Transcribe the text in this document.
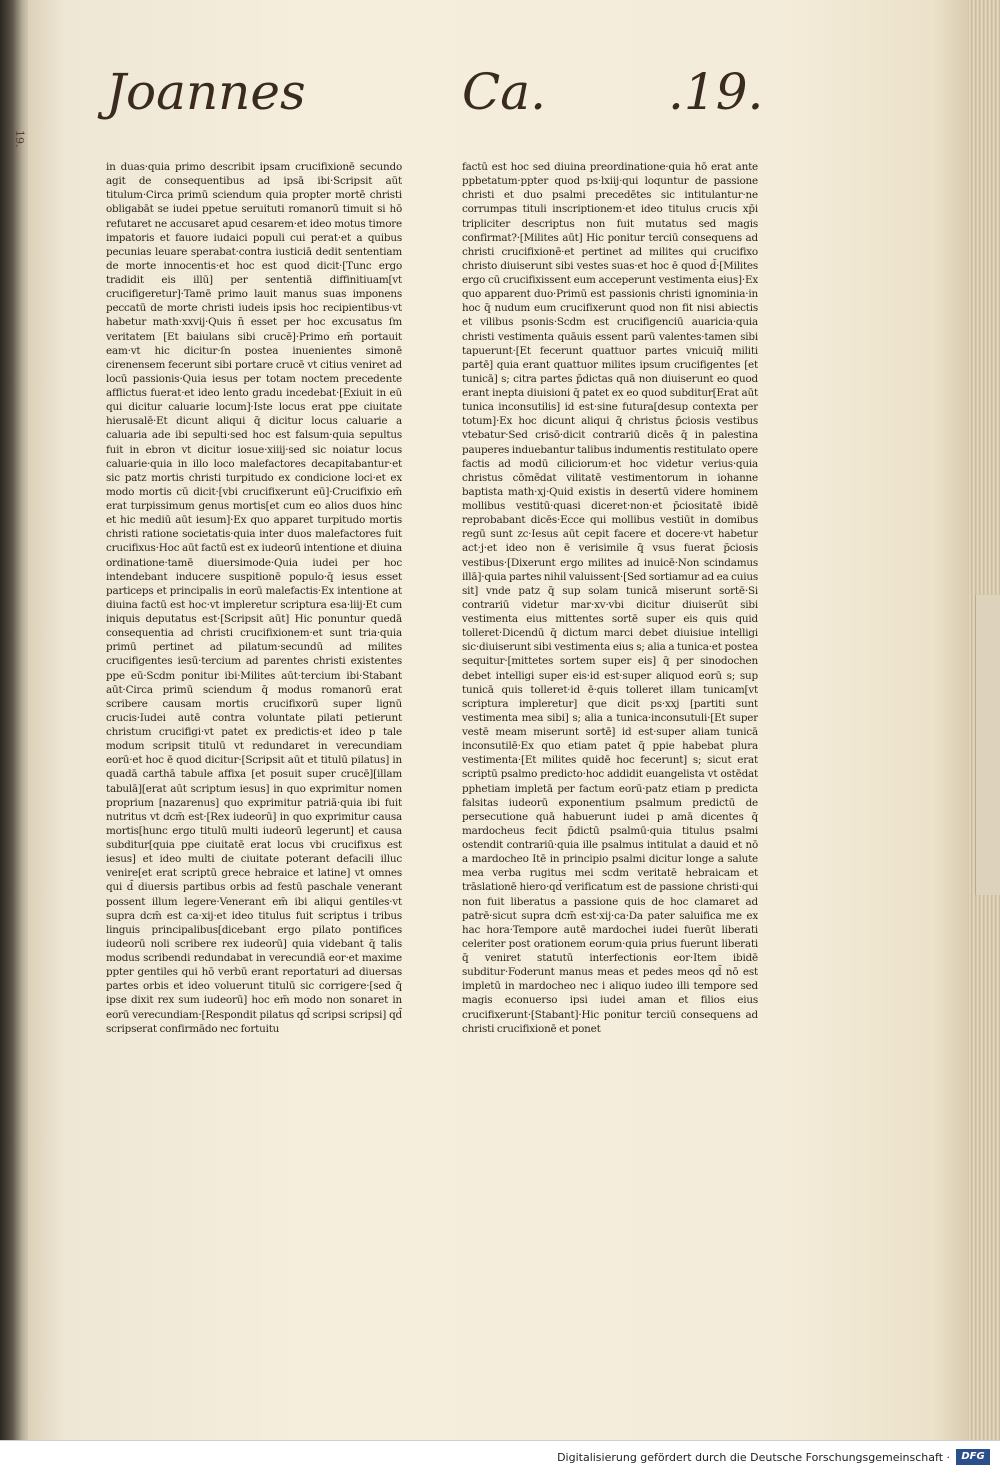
19.
Joannes	Ca. .19.

in duas·quia primo describit ipsam crucifixionē secundo agit de consequentibus ad ipsā ibi·Scripsit aūt titulum·Circa primū sciendum quia propter mortē christi obligabāt se iudei ppetue seruituti romanorū timuit si hō refutaret ne accusaret apud cesarem·et ideo motus timore impatoris et fauore iudaici populi cui perat·et a quibus pecunias leuare sperabat·contra iusticiā dedit sententiam de morte innocentis·et hoc est quod dicit·[Tunc ergo tradidit eis illū] per sententiā diffinitiuam[vt crucifigeretur]·Tamē primo lauit manus suas imponens peccatū de morte christi iudeis ipsis hoc recipientibus·vt habetur math·xxvij·Quis n̄ esset per hoc excusatus ſm veritatem [Et baiulans sibi crucē]·Primo em̄ portauit eam·vt hic dicitur·ſn postea inuenientes simonē cirenensem fecerunt sibi portare crucē vt citius veniret ad locū passionis·Quia iesus per totam noctem precedente afflictus fuerat·et ideo lento gradu incedebat·[Exiuit in eū qui dicitur caluarie locum]·Iste locus erat ppe ciuitate hierusalē·Et dicunt aliqui q̄ dicitur locus caluarie a caluaria ade ibi sepulti·sed hoc est falsum·quia sepultus fuit in ebron vt dicitur iosue·xiiij·sed sic noiatur locus caluarie·quia in illo loco malefactores decapitabantur·et sic patz mortis christi turpitudo ex condicione loci·et ex modo mortis cū dicit·[vbi crucifixerunt eū]·Crucifixio em̄ erat turpissimum genus mortis[et cum eo alios duos hinc et hic mediū aūt iesum]·Ex quo apparet turpitudo mortis christi ratione societatis·quia inter duos malefactores fuit crucifixus·Hoc aūt factū est ex iudeorū intentione et diuina ordinatione·tamē diuersimode·Quia iudei per hoc intendebant inducere suspitionē populo·q̄ iesus esset particeps et principalis in eorū malefactis·Ex intentione at diuina factū est hoc·vt impleretur scriptura esa·liij·Et cum iniquis deputatus est·[Scripsit aūt] Hic ponuntur quedā consequentia ad christi crucifixionem·et sunt tria·quia primū pertinet ad pilatum·secundū ad milites crucifigentes iesū·tercium ad parentes christi existentes ppe eū·Scdm ponitur ibi·Milites aūt·tercium ibi·Stabant aūt·Circa primū sciendum q̄ modus romanorū erat scribere causam mortis crucifixorū super lignū crucis·Iudei autē contra voluntate pilati petierunt christum crucifigi·vt patet ex predictis·et ideo p tale modum scripsit titulū vt redundaret in verecundiam eorū·et hoc ē quod dicitur·[Scripsit aūt et titulū pilatus] in quadā carthā tabule affixa [et posuit super crucē][illam tabulā][erat aūt scriptum iesus] in quo exprimitur nomen proprium [nazarenus] quo exprimitur patriā·quia ibi fuit nutritus vt dcm̄ est·[Rex iudeorū] in quo exprimitur causa mortis[hunc ergo titulū multi iudeorū legerunt] et causa subditur[quia ppe ciuitatē erat locus vbi crucifixus est iesus] et ideo multi de ciuitate poterant defacili illuc venire[et erat scriptū grece hebraice et latine] vt omnes qui d̄ diuersis partibus orbis ad festū paschale venerant possent illum legere·Venerant em̄ ibi aliqui gentiles·vt supra dcm̄ est ca·xij·et ideo titulus fuit scriptus i tribus linguis principalibus[dicebant ergo pilato pontifices iudeorū noli scribere rex iudeorū] quia videbant q̄ talis modus scribendi redundabat in verecundiā eor·et maxime ppter gentiles qui hō verbū erant reportaturi ad diuersas partes orbis et ideo voluerunt titulū sic corrigere·[sed q̄ ipse dixit rex sum iudeorū] hoc em̄ modo non sonaret in eorū verecundiam·[Respondit pilatus qd̄ scripsi scripsi] qd̄ scripserat confirmādo nec fortuitu

factū est hoc sed diuina preordinatione·quia hō erat ante ppbetatum·ppter quod ps·lxiij·qui loquntur de passione christi et duo psalmi precedētes sic intitulantur·ne corrumpas tituli inscriptionem·et ideo titulus crucis xp̄i tripliciter descriptus non fuit mutatus sed magis confirmat?·[Milites aūt] Hic ponitur terciū consequens ad christi crucifixionē·et pertinet ad milites qui crucifixo christo diuiserunt sibi vestes suas·et hoc ē quod d̄·[Milites ergo cū crucifixissent eum acceperunt vestimenta eius]·Ex quo apparent duo·Primū est passionis christi ignominia·in hoc q̄ nudum eum crucifixerunt quod non fit nisi abiectis et vilibus psonis·Scdm est crucifigenciū auaricia·quia christi vestimenta quāuis essent parū valentes·tamen sibi tapuerunt·[Et fecerunt quattuor partes vnicuiq̄ militi partē] quia erant quattuor milites ipsum crucifigentes [et tunicā] s; citra partes p̄dictas quā non diuiserunt eo quod erant inepta diuisioni q̄ patet ex eo quod subditur[Erat aūt tunica inconsutilis] id est·sine futura[desup contexta per totum]·Ex hoc dicunt aliqui q̄ christus p̄ciosis vestibus vtebatur·Sed crisō·dicit contrariū dicēs q̄ in palestina pauperes induebantur talibus indumentis restitulato opere factis ad modū ciliciorum·et hoc videtur verius·quia christus cōmēdat vilitatē vestimentorum in iohanne baptista math·xj·Quid existis in desertū videre hominem mollibus vestitū·quasi diceret·non·et p̄ciositatē ibidē reprobabant dicēs·Ecce qui mollibus vestiūt in domibus regū sunt zc·Iesus aūt cepit facere et docere·vt habetur act·j·et ideo non ē verisimile q̄ vsus fuerat p̄ciosis vestibus·[Dixerunt ergo milites ad inuicē·Non scindamus illā]·quia partes nihil valuissent·[Sed sortiamur ad ea cuius sit] vnde patz q̄ sup solam tunicā miserunt sortē·Si contrariū videtur mar·xv·vbi dicitur diuiserūt sibi vestimenta eius mittentes sortē super eis quis quid tolleret·Dicendū q̄ dictum marci debet diuisiue intelligi sic·diuiserunt sibi vestimenta eius s; alia a tunica·et postea sequitur·[mittetes sortem super eis] q̄ per sinodochen debet intelligi super eis·id est·super aliquod eorū s; sup tunicā quis tolleret·id ē·quis tolleret illam tunicam[vt scriptura impleretur] que dicit ps·xxj [partiti sunt vestimenta mea sibi] s; alia a tunica·inconsutuli·[Et super vestē meam miserunt sortē] id est·super aliam tunicā inconsutilē·Ex quo etiam patet q̄ ppie habebat plura vestimenta·[Et milites quidē hoc fecerunt] s; sicut erat scriptū psalmo predicto·hoc addidit euangelista vt ostēdat pphetiam impletā per factum eorū·patz etiam p predicta falsitas iudeorū exponentium psalmum predictū de persecutione quā habuerunt iudei p amā dicentes q̄ mardocheus fecit p̄dictū psalmū·quia titulus psalmi ostendit contrariū·quia ille psalmus intitulat a dauid et nō a mardocheo Itē in principio psalmi dicitur longe a salute mea verba rugitus mei scdm veritatē hebraicam et trāslationē hiero·qd̄ verificatum est de passione christi·qui non fuit liberatus a passione quis de hoc clamaret ad patrē·sicut supra dcm̄ est·xij·ca·Da pater saluifica me ex hac hora·Tempore autē mardochei iudei fuerūt liberati celeriter post orationem eorum·quia prius fuerunt liberati q̄ veniret statutū interfectionis eor·Item ibidē subditur·Foderunt manus meas et pedes meos qd̄ nō est impletū in mardocheo nec i aliquo iudeo illi tempore sed magis econuerso ipsi iudei aman et filios eius crucifixerunt·[Stabant]·Hic ponitur terciū consequens ad christi crucifixionē et ponet

Digitalisierung gefördert durch die Deutsche Forschungsgemeinschaft ·	DFG
